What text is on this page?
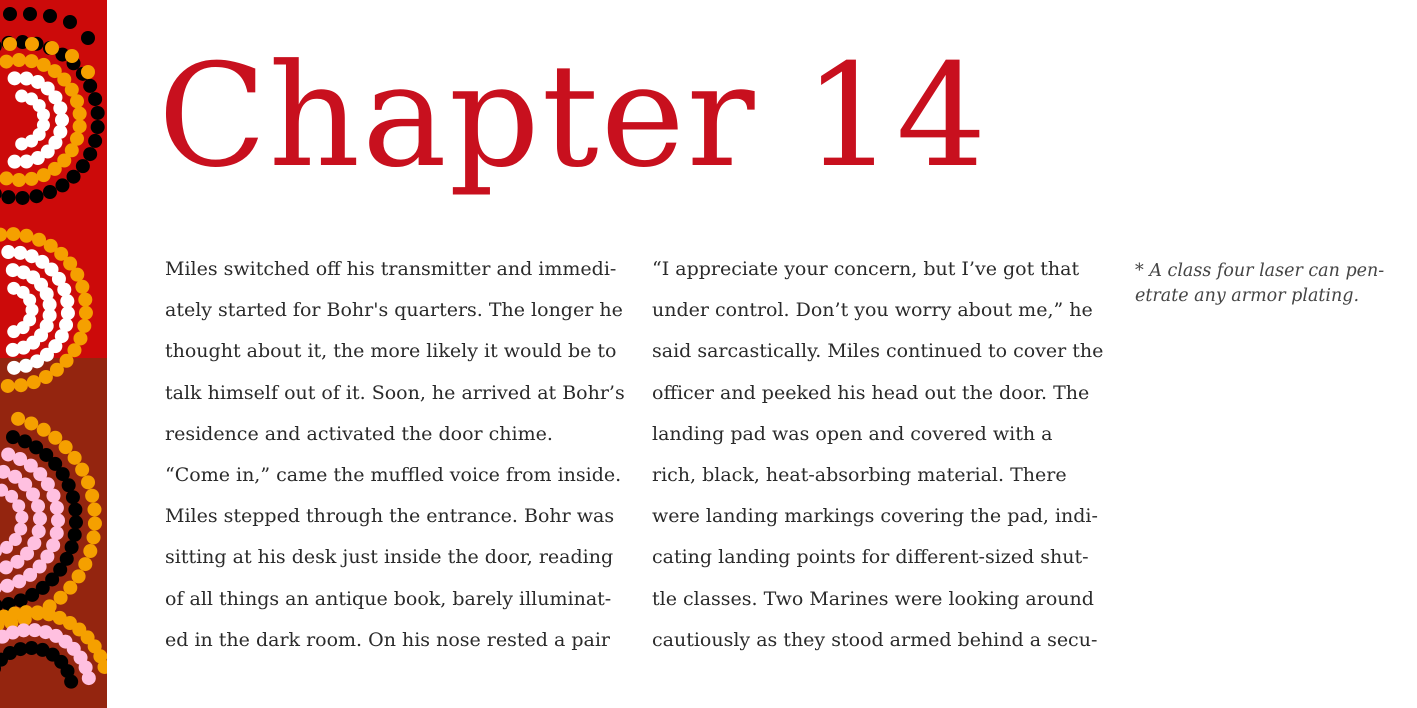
Chapter 14
Miles switched off his transmitter and immedi-
ately started for Bohr's quarters. The longer he
thought about it, the more likely it would be to
talk himself out of it. Soon, he arrived at Bohr’s
residence and activated the door chime.
“Come in,” came the muffled voice from inside.
Miles stepped through the entrance. Bohr was
sitting at his desk just inside the door, reading
of all things an antique book, barely illuminat-
ed in the dark room. On his nose rested a pair
“I appreciate your concern, but I’ve got that
under control. Don’t you worry about me,” he
said sarcastically. Miles continued to cover the
officer and peeked his head out the door. The
landing pad was open and covered with a
rich, black, heat-absorbing material. There
were landing markings covering the pad, indi-
cating landing points for different-sized shut-
tle classes. Two Marines were looking around
cautiously as they stood armed behind a secu-
* A class four laser can pen-
etrate any armor plating.
